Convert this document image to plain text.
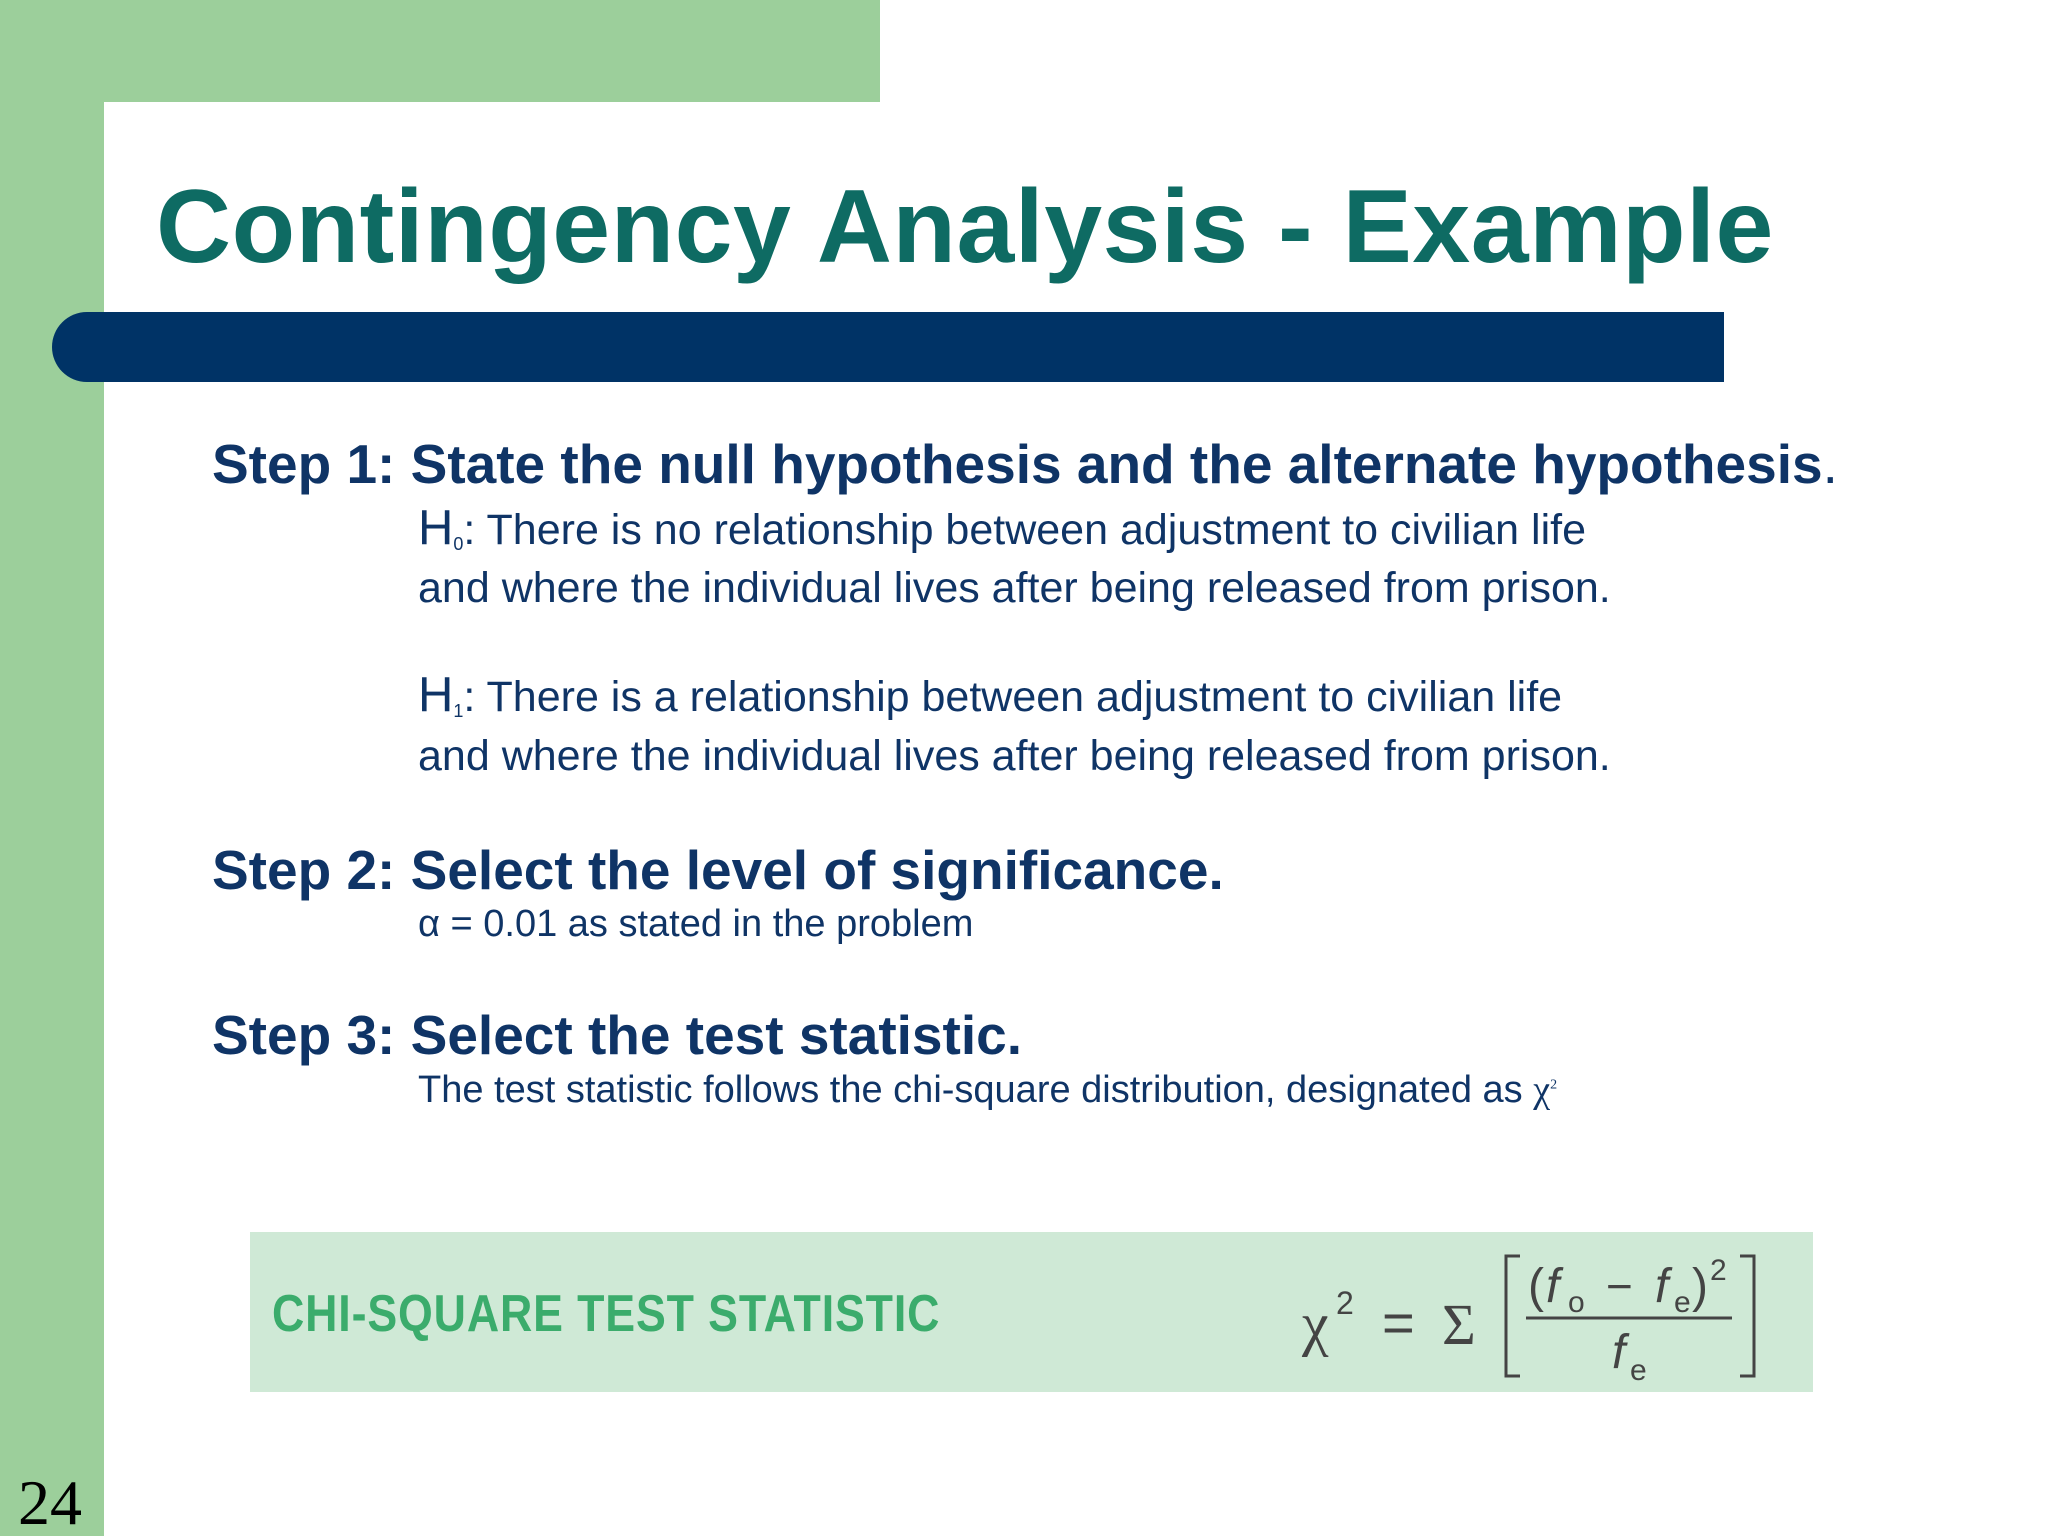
Contingency Analysis - Example

Step 1: State the null hypothesis and the alternate hypothesis.

H0: There is no relationship between adjustment to civilian life

and where the individual lives after being released from prison.

H1: There is a relationship between adjustment to civilian life

and where the individual lives after being released from prison.

Step 2: Select the level of significance.

α = 0.01 as stated in the problem

Step 3: Select the test statistic.

The test statistic follows the chi-square distribution, designated as $\chi^2$

CHI-SQUARE TEST STATISTIC	χ 2 = Σ
( f o − f e ) 2
f e

24
